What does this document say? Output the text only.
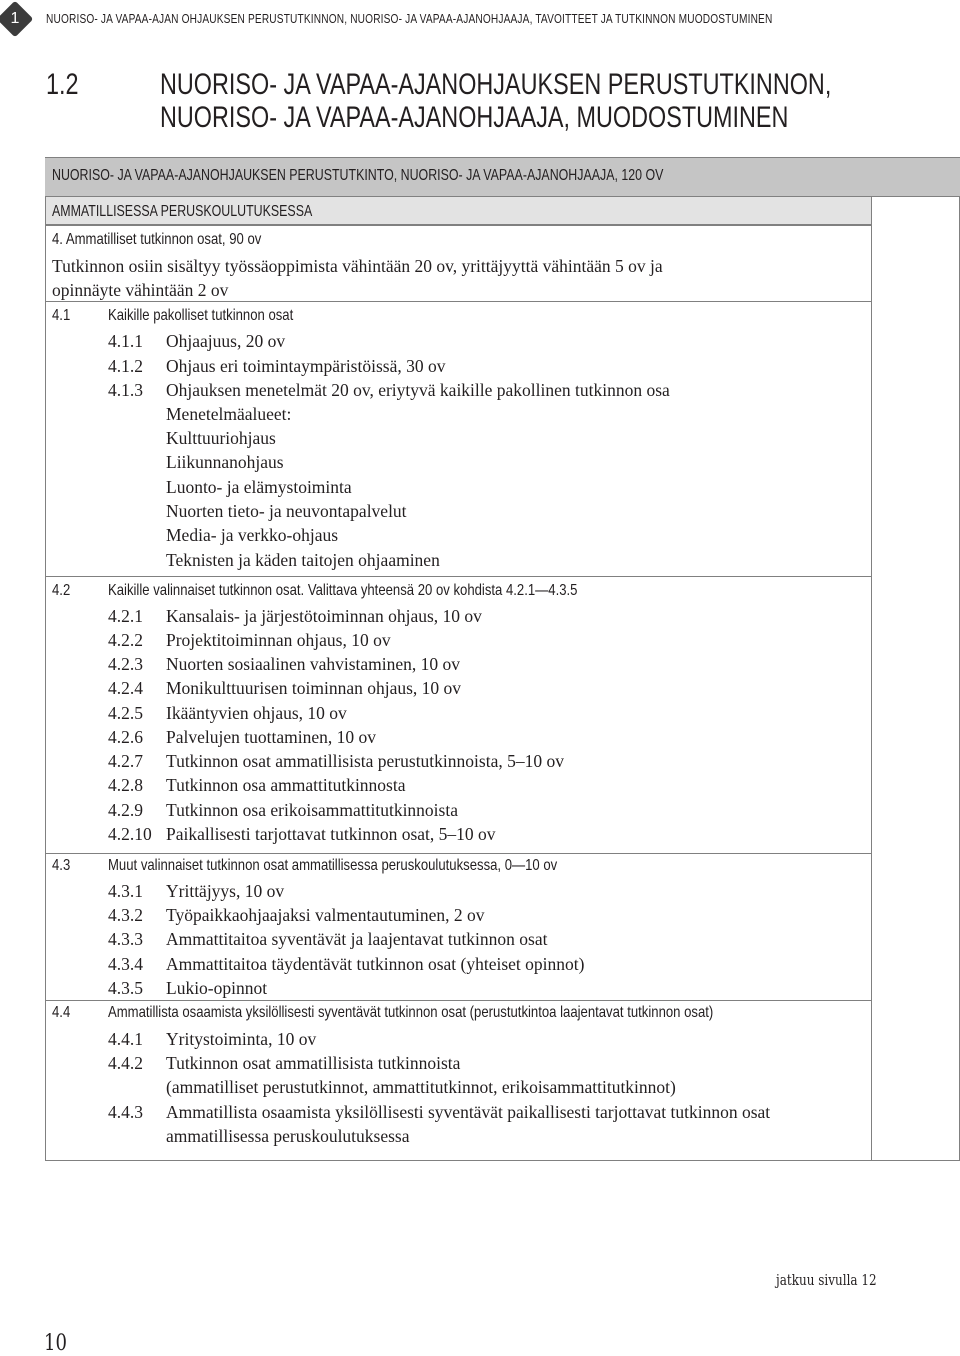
1	NUORISO- JA VAPAA-AJAN OHJAUKSEN PERUSTUTKINNON, NUORISO- JA VAPAA-AJANOHJAAJA, TAVOITTEET JA TUTKINNON MUODOSTUMINEN
1.2	NUORISO- JA VAPAA-AJANOHJAUKSEN PERUSTUTKINNON,
NUORISO- JA VAPAA-AJANOHJAAJA, MUODOSTUMINEN
NUORISO- JA VAPAA-AJANOHJAUKSEN PERUSTUTKINTO, NUORISO- JA VAPAA-AJANOHJAAJA, 120 OV
AMMATILLISESSA PERUSKOULUTUKSESSA
4. Ammatilliset tutkinnon osat, 90 ov
Tutkinnon osiin sisältyy työssäoppimista vähintään 20 ov, yrittäjyyttä vähintään 5 ov ja
opinnäyte vähintään 2 ov
4.1 Kaikille pakolliset tutkinnon osat
4.1.1 Ohjaajuus, 20 ov
4.1.2 Ohjaus eri toimintaympäristöissä, 30 ov
4.1.3 Ohjauksen menetelmät 20 ov, eriytyvä kaikille pakollinen tutkinnon osa
Menetelmäalueet:
Kulttuuriohjaus
Liikunnanohjaus
Luonto- ja elämystoiminta
Nuorten tieto- ja neuvontapalvelut
Media- ja verkko-ohjaus
Teknisten ja käden taitojen ohjaaminen
4.2 Kaikille valinnaiset tutkinnon osat. Valittava yhteensä 20 ov kohdista 4.2.1—4.3.5
4.2.1 Kansalais- ja järjestötoiminnan ohjaus, 10 ov
4.2.2 Projektitoiminnan ohjaus, 10 ov
4.2.3 Nuorten sosiaalinen vahvistaminen, 10 ov
4.2.4 Monikulttuurisen toiminnan ohjaus, 10 ov
4.2.5 Ikääntyvien ohjaus, 10 ov
4.2.6 Palvelujen tuottaminen, 10 ov
4.2.7 Tutkinnon osat ammatillisista perustutkinnoista, 5–10 ov
4.2.8 Tutkinnon osa ammattitutkinnosta
4.2.9 Tutkinnon osa erikoisammattitutkinnoista
4.2.10 Paikallisesti tarjottavat tutkinnon osat, 5–10 ov
4.3 Muut valinnaiset tutkinnon osat ammatillisessa peruskoulutuksessa, 0—10 ov
4.3.1 Yrittäjyys, 10 ov
4.3.2 Työpaikkaohjaajaksi valmentautuminen, 2 ov
4.3.3 Ammattitaitoa syventävät ja laajentavat tutkinnon osat
4.3.4 Ammattitaitoa täydentävät tutkinnon osat (yhteiset opinnot)
4.3.5 Lukio-opinnot
4.4 Ammatillista osaamista yksilöllisesti syventävät tutkinnon osat (perustutkintoa laajentavat tutkinnon osat)
4.4.1 Yritystoiminta, 10 ov
4.4.2 Tutkinnon osat ammatillisista tutkinnoista
(ammatilliset perustutkinnot, ammattitutkinnot, erikoisammattitutkinnot)
4.4.3 Ammatillista osaamista yksilöllisesti syventävät paikallisesti tarjottavat tutkinnon osat
ammatillisessa peruskoulutuksessa
jatkuu sivulla 12
10
